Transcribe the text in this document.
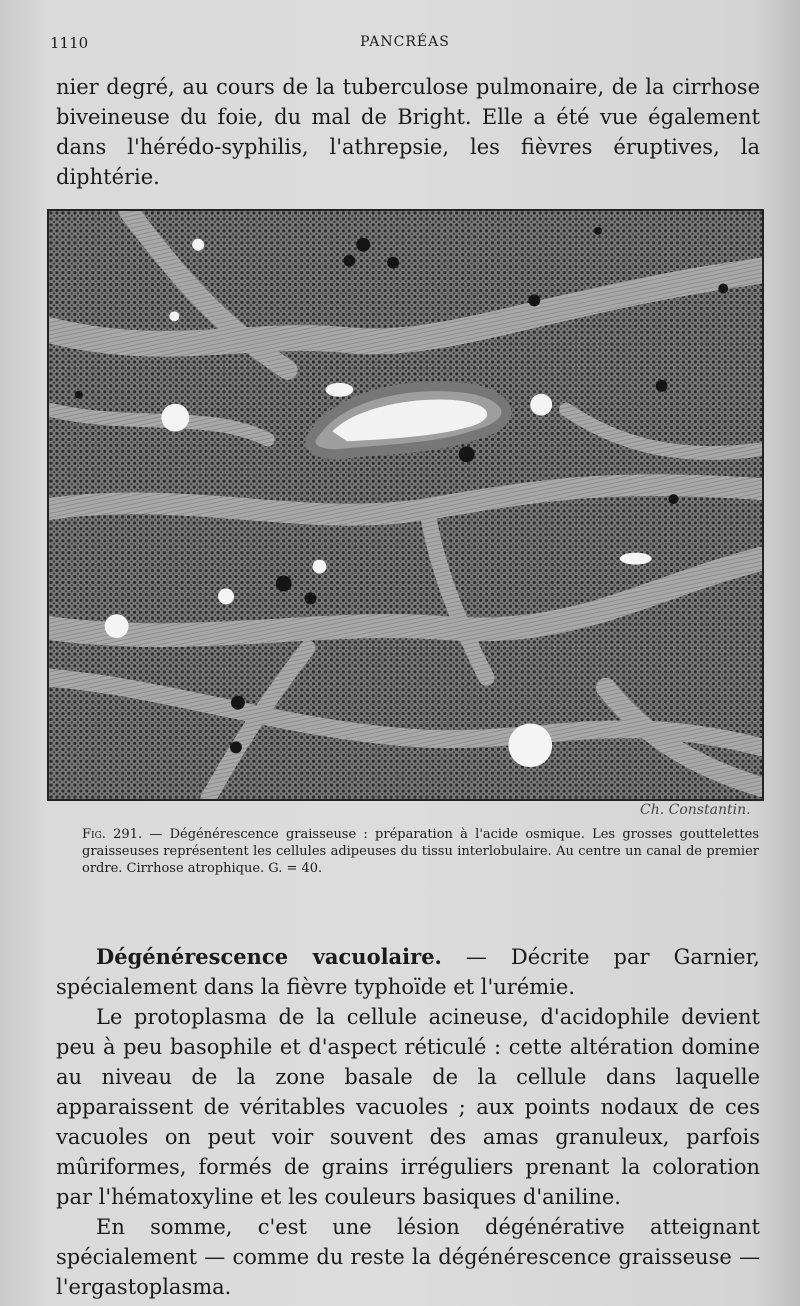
1110	PANCRÉAS

nier degré, au cours de la tuberculose pulmonaire, de la cirrhose biveineuse du foie, du mal de Bright. Elle a été vue également dans l'hérédo-syphilis, l'athrepsie, les fièvres éruptives, la diphtérie.

Ch. Constantin.
Fig. 291. — Dégénérescence graisseuse : préparation à l'acide osmique. Les grosses gouttelettes graisseuses représentent les cellules adipeuses du tissu interlobulaire. Au centre un canal de premier ordre. Cirrhose atrophique. G. = 40.

Dégénérescence vacuolaire. — Décrite par Garnier, spécialement dans la fièvre typhoïde et l'urémie.

Le protoplasma de la cellule acineuse, d'acidophile devient peu à peu basophile et d'aspect réticulé : cette altération domine au niveau de la zone basale de la cellule dans laquelle apparaissent de véritables vacuoles ; aux points nodaux de ces vacuoles on peut voir souvent des amas granuleux, parfois mûriformes, formés de grains irréguliers prenant la coloration par l'hématoxyline et les couleurs basiques d'aniline.

En somme, c'est une lésion dégénérative atteignant spécialement — comme du reste la dégénérescence graisseuse — l'ergastoplasma.
